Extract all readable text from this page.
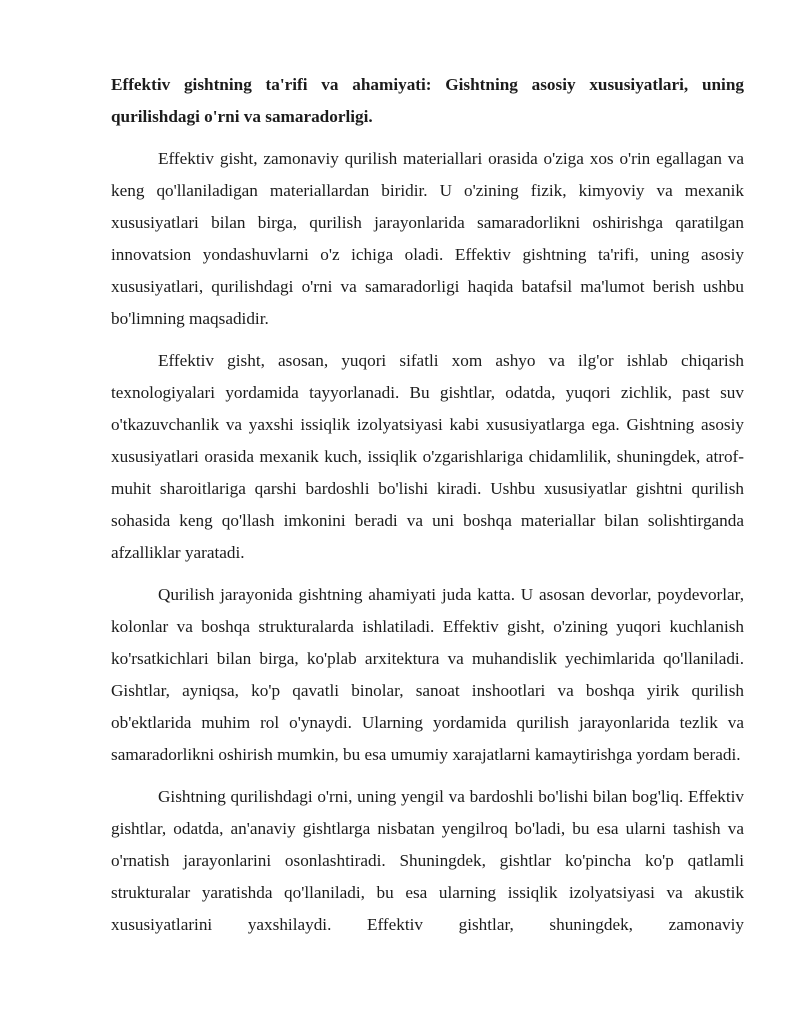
Effektiv gishtning ta'rifi va ahamiyati: Gishtning asosiy xususiyatlari, uning qurilishdagi o'rni va samaradorligi.

Effektiv gisht, zamonaviy qurilish materiallari orasida o'ziga xos o'rin egallagan va keng qo'llaniladigan materiallardan biridir. U o'zining fizik, kimyoviy va mexanik xususiyatlari bilan birga, qurilish jarayonlarida samaradorlikni oshirishga qaratilgan innovatsion yondashuvlarni o'z ichiga oladi. Effektiv gishtning ta'rifi, uning asosiy xususiyatlari, qurilishdagi o'rni va samaradorligi haqida batafsil ma'lumot berish ushbu bo'limning maqsadidir.

Effektiv gisht, asosan, yuqori sifatli xom ashyo va ilg'or ishlab chiqarish texnologiyalari yordamida tayyorlanadi. Bu gishtlar, odatda, yuqori zichlik, past suv o'tkazuvchanlik va yaxshi issiqlik izolyatsiyasi kabi xususiyatlarga ega. Gishtning asosiy xususiyatlari orasida mexanik kuch, issiqlik o'zgarishlariga chidamlilik, shuningdek, atrof-muhit sharoitlariga qarshi bardoshli bo'lishi kiradi. Ushbu xususiyatlar gishtni qurilish sohasida keng qo'llash imkonini beradi va uni boshqa materiallar bilan solishtirganda afzalliklar yaratadi.

Qurilish jarayonida gishtning ahamiyati juda katta. U asosan devorlar, poydevorlar, kolonlar va boshqa strukturalarda ishlatiladi. Effektiv gisht, o'zining yuqori kuchlanish ko'rsatkichlari bilan birga, ko'plab arxitektura va muhandislik yechimlarida qo'llaniladi. Gishtlar, ayniqsa, ko'p qavatli binolar, sanoat inshootlari va boshqa yirik qurilish ob'ektlarida muhim rol o'ynaydi. Ularning yordamida qurilish jarayonlarida tezlik va samaradorlikni oshirish mumkin, bu esa umumiy xarajatlarni kamaytirishga yordam beradi.

Gishtning qurilishdagi o'rni, uning yengil va bardoshli bo'lishi bilan bog'liq. Effektiv gishtlar, odatda, an'anaviy gishtlarga nisbatan yengilroq bo'ladi, bu esa ularni tashish va o'rnatish jarayonlarini osonlashtiradi. Shuningdek, gishtlar ko'pincha ko'p qatlamli strukturalar yaratishda qo'llaniladi, bu esa ularning issiqlik izolyatsiyasi va akustik xususiyatlarini yaxshilaydi. Effektiv gishtlar, shuningdek, zamonaviy
